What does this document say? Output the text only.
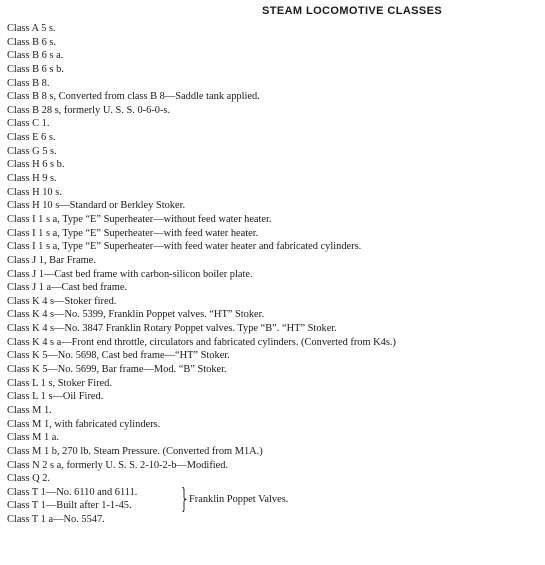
STEAM LOCOMOTIVE CLASSES
Class A 5 s.
Class B 6 s.
Class B 6 s a.
Class B 6 s b.
Class B 8.
Class B 8 s, Converted from class B 8—Saddle tank applied.
Class B 28 s, formerly U. S. S. 0-6-0-s.
Class C 1.
Class E 6 s.
Class G 5 s.
Class H 6 s b.
Class H 9 s.
Class H 10 s.
Class H 10 s—Standard or Berkley Stoker.
Class I 1 s a, Type “E” Superheater—without feed water heater.
Class I 1 s a, Type “E” Superheater—with feed water heater.
Class I 1 s a, Type “E” Superheater—with feed water heater and fabricated cylinders.
Class J 1, Bar Frame.
Class J 1—Cast bed frame with carbon-silicon boiler plate.
Class J 1 a—Cast bed frame.
Class K 4 s—Stoker fired.
Class K 4 s—No. 5399, Franklin Poppet valves. “HT” Stoker.
Class K 4 s—No. 3847 Franklin Rotary Poppet valves. Type “B”. “HT” Stoker.
Class K 4 s a—Front end throttle, circulators and fabricated cylinders. (Converted from K4s.)
Class K 5—No. 5698, Cast bed frame—“HT” Stoker.
Class K 5—No. 5699, Bar frame—Mod. “B” Stoker.
Class L 1 s, Stoker Fired.
Class L 1 s—Oil Fired.
Class M 1.
Class M 1, with fabricated cylinders.
Class M 1 a.
Class M 1 b, 270 lb. Steam Pressure. (Converted from M1A.)
Class N 2 s a, formerly U. S. S. 2-10-2-b—Modified.
Class Q 2.
Class T 1—No. 6110 and 6111.
Class T 1—Built after 1-1-45.
Franklin Poppet Valves.
Class T 1 a—No. 5547.
